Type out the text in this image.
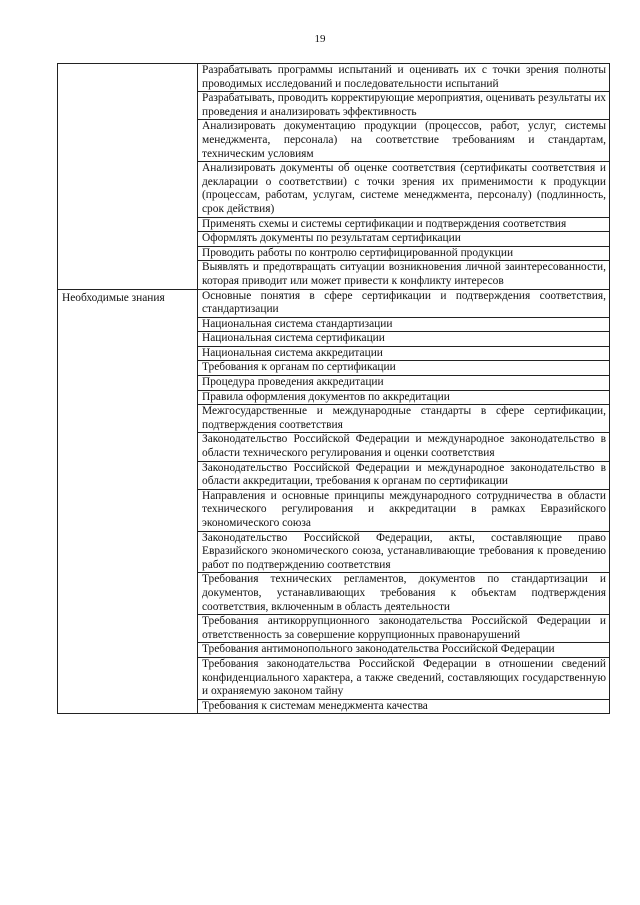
19
	Разрабатывать программы испытаний и оценивать их с точки зрения полноты проводимых исследований и последовательности испытаний
	Разрабатывать, проводить корректирующие мероприятия, оценивать результаты их проведения и анализировать эффективность
	Анализировать документацию продукции (процессов, работ, услуг, системы менеджмента, персонала) на соответствие требованиям и стандартам, техническим условиям
	Анализировать документы об оценке соответствия (сертификаты соответствия и декларации о соответствии) с точки зрения их применимости к продукции (процессам, работам, услугам, системе менеджмента, персоналу) (подлинность, срок действия)
	Применять схемы и системы сертификации и подтверждения соответствия
	Оформлять документы по результатам сертификации
	Проводить работы по контролю сертифицированной продукции
	Выявлять и предотвращать ситуации возникновения личной заинтересованности, которая приводит или может привести к конфликту интересов

Необходимые знания	Основные понятия в сфере сертификации и подтверждения соответствия, стандартизации
	Национальная система стандартизации
	Национальная система сертификации
	Национальная система аккредитации
	Требования к органам по сертификации
	Процедура проведения аккредитации
	Правила оформления документов по аккредитации
	Межгосударственные и международные стандарты в сфере сертификации, подтверждения соответствия
	Законодательство Российской Федерации и международное законодательство в области технического регулирования и оценки соответствия
	Законодательство Российской Федерации и международное законодательство в области аккредитации, требования к органам по сертификации
	Направления и основные принципы международного сотрудничества в области технического регулирования и аккредитации в рамках Евразийского экономического союза
	Законодательство Российской Федерации, акты, составляющие право Евразийского экономического союза, устанавливающие требования к проведению работ по подтверждению соответствия
	Требования технических регламентов, документов по стандартизации и документов, устанавливающих требования к объектам подтверждения соответствия, включенным в область деятельности
	Требования антикоррупционного законодательства Российской Федерации и ответственность за совершение коррупционных правонарушений
	Требования антимонопольного законодательства Российской Федерации
	Требования законодательства Российской Федерации в отношении сведений конфиденциального характера, а также сведений, составляющих государственную и охраняемую законом тайну
	Требования к системам менеджмента качества
